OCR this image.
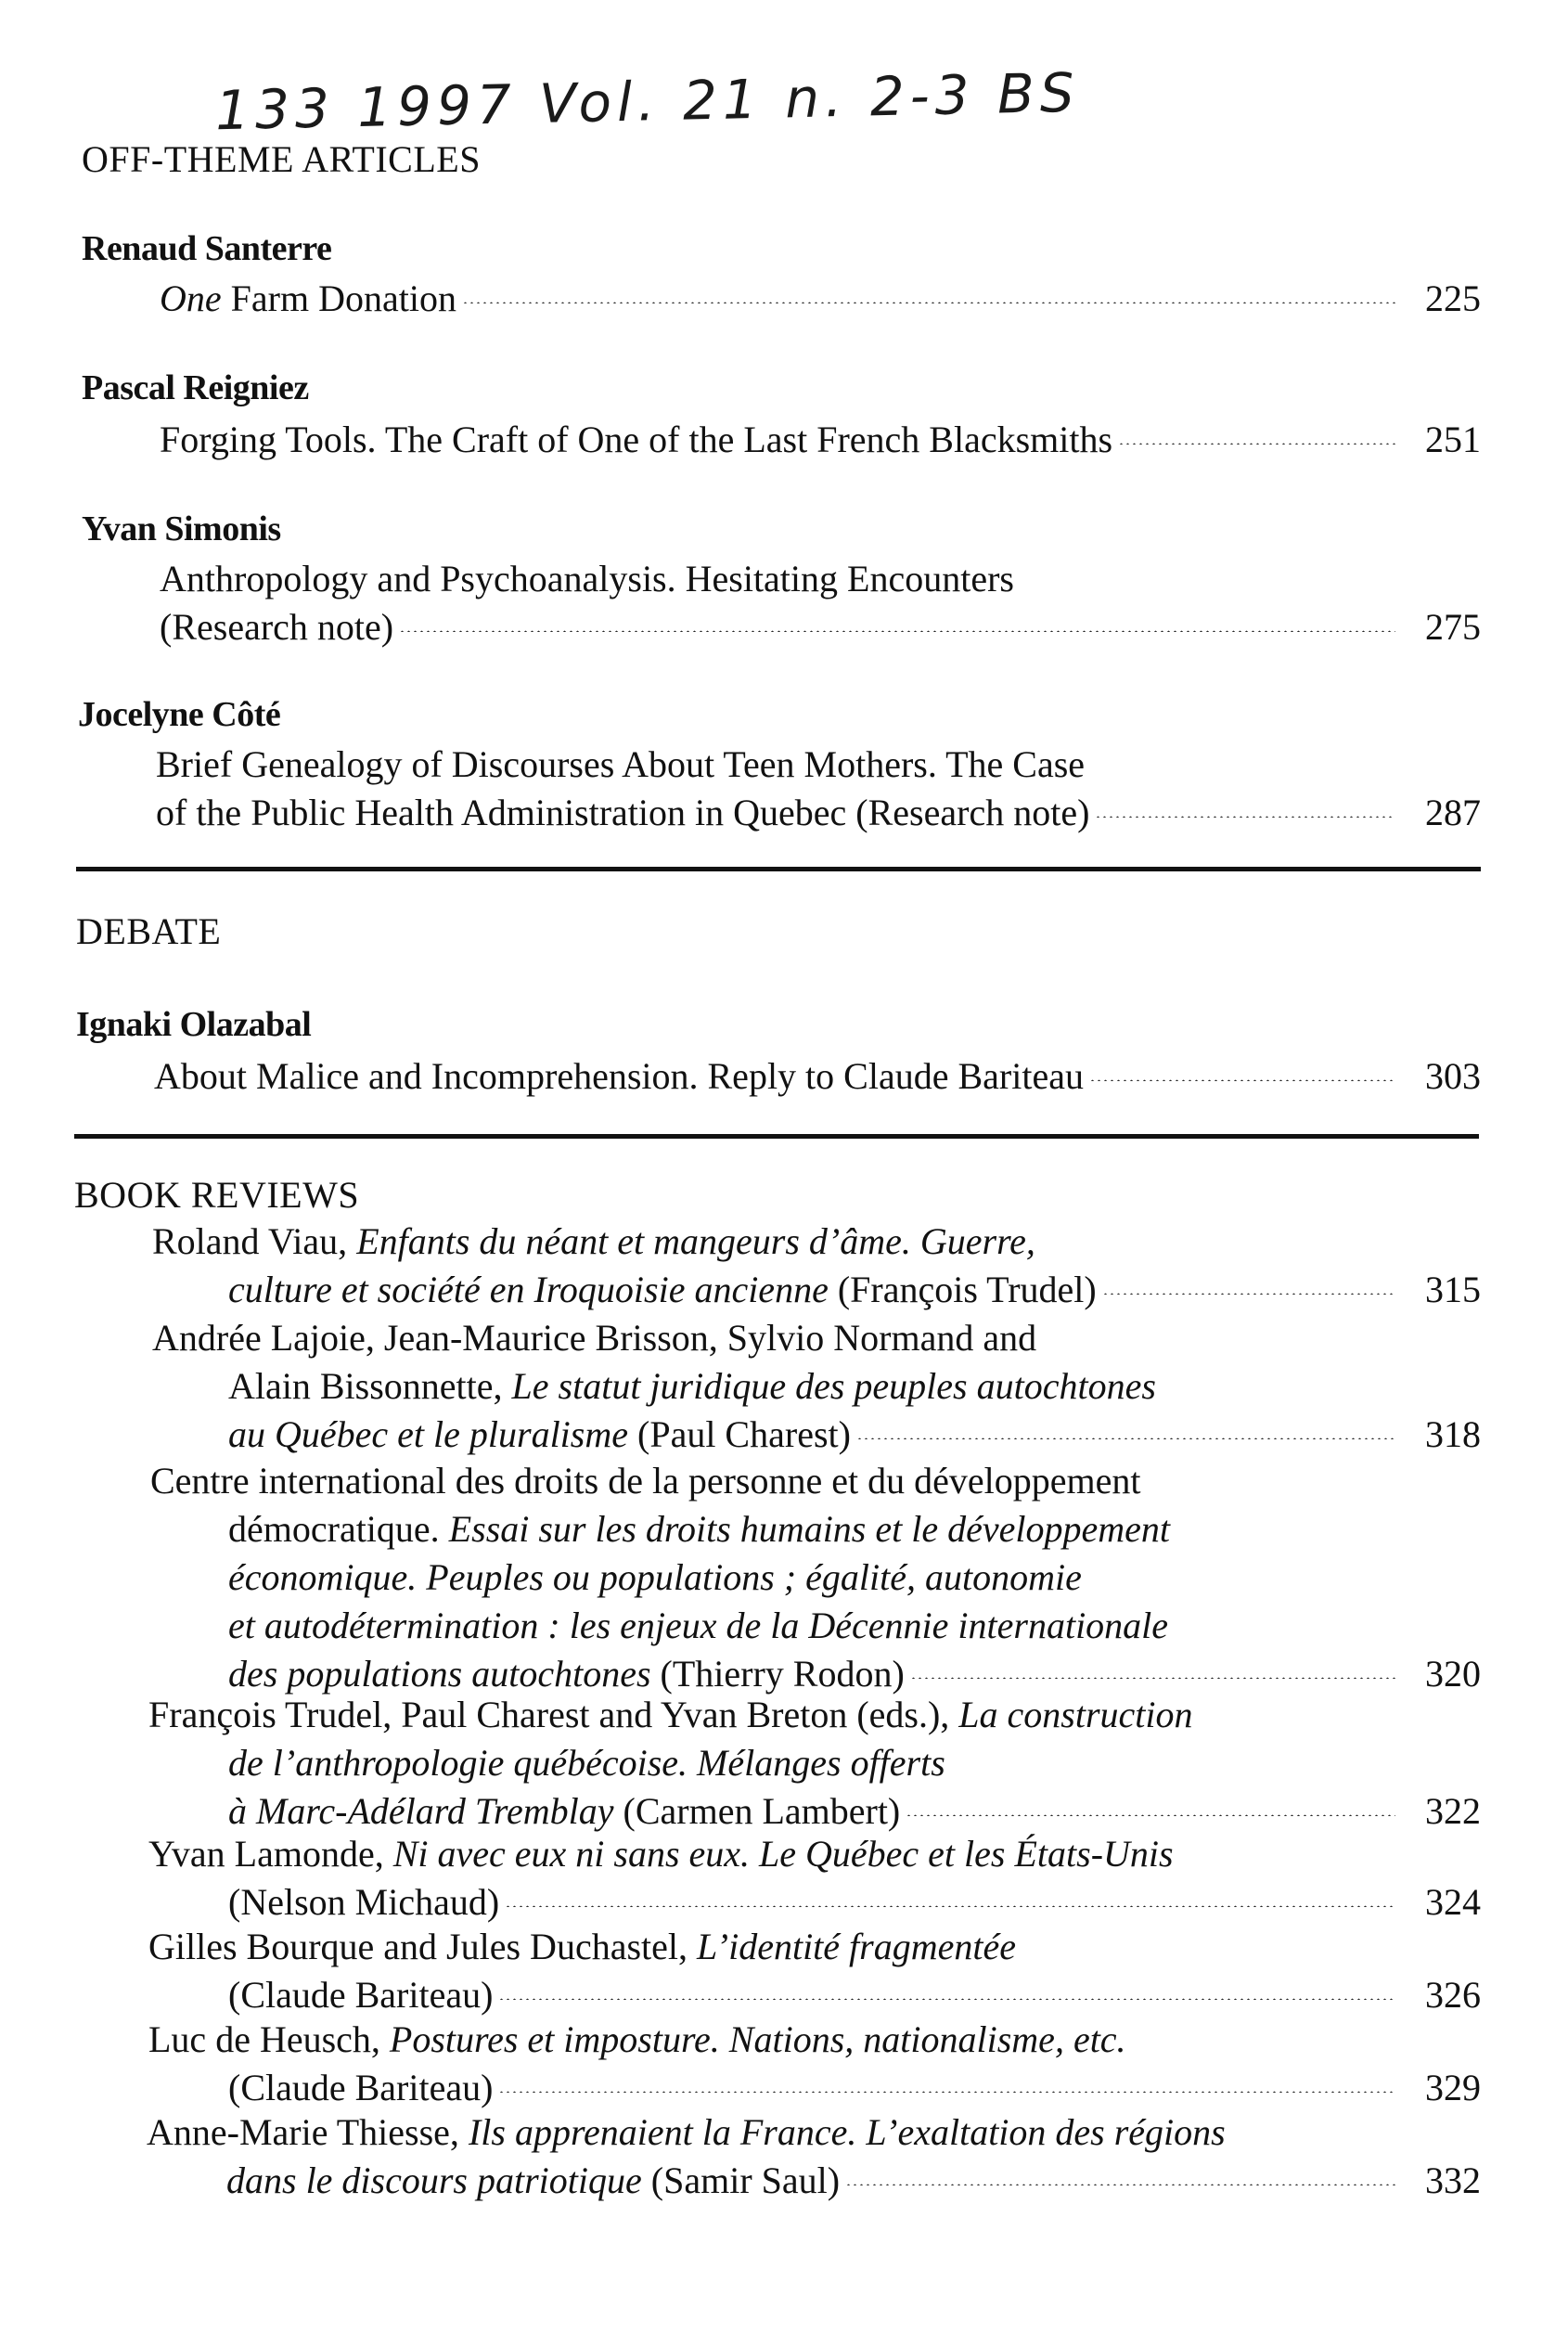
133 1997 Vol. 21 n. 2-3 BS
OFF-THEME ARTICLES
Renaud Santerre
One Farm Donation	225
Pascal Reigniez
Forging Tools. The Craft of One of the Last French Blacksmiths	251
Yvan Simonis
Anthropology and Psychoanalysis. Hesitating Encounters
(Research note)	275
Jocelyne Côté
Brief Genealogy of Discourses About Teen Mothers. The Case
of the Public Health Administration in Quebec (Research note)	287
DEBATE
Ignaki Olazabal
About Malice and Incomprehension. Reply to Claude Bariteau	303
BOOK REVIEWS
Roland Viau, Enfants du néant et mangeurs d’âme. Guerre,
culture et société en Iroquoisie ancienne (François Trudel)	315
Andrée Lajoie, Jean-Maurice Brisson, Sylvio Normand and
Alain Bissonnette, Le statut juridique des peuples autochtones
au Québec et le pluralisme (Paul Charest)	318
Centre international des droits de la personne et du développement
démocratique. Essai sur les droits humains et le développement
économique. Peuples ou populations ; égalité, autonomie
et autodétermination : les enjeux de la Décennie internationale
des populations autochtones (Thierry Rodon)	320
François Trudel, Paul Charest and Yvan Breton (eds.), La construction
de l’anthropologie québécoise. Mélanges offerts
à Marc-Adélard Tremblay (Carmen Lambert)	322
Yvan Lamonde, Ni avec eux ni sans eux. Le Québec et les États-Unis
(Nelson Michaud)	324
Gilles Bourque and Jules Duchastel, L’identité fragmentée
(Claude Bariteau)	326
Luc de Heusch, Postures et imposture. Nations, nationalisme, etc.
(Claude Bariteau)	329
Anne-Marie Thiesse, Ils apprenaient la France. L’exaltation des régions
dans le discours patriotique (Samir Saul)	332
